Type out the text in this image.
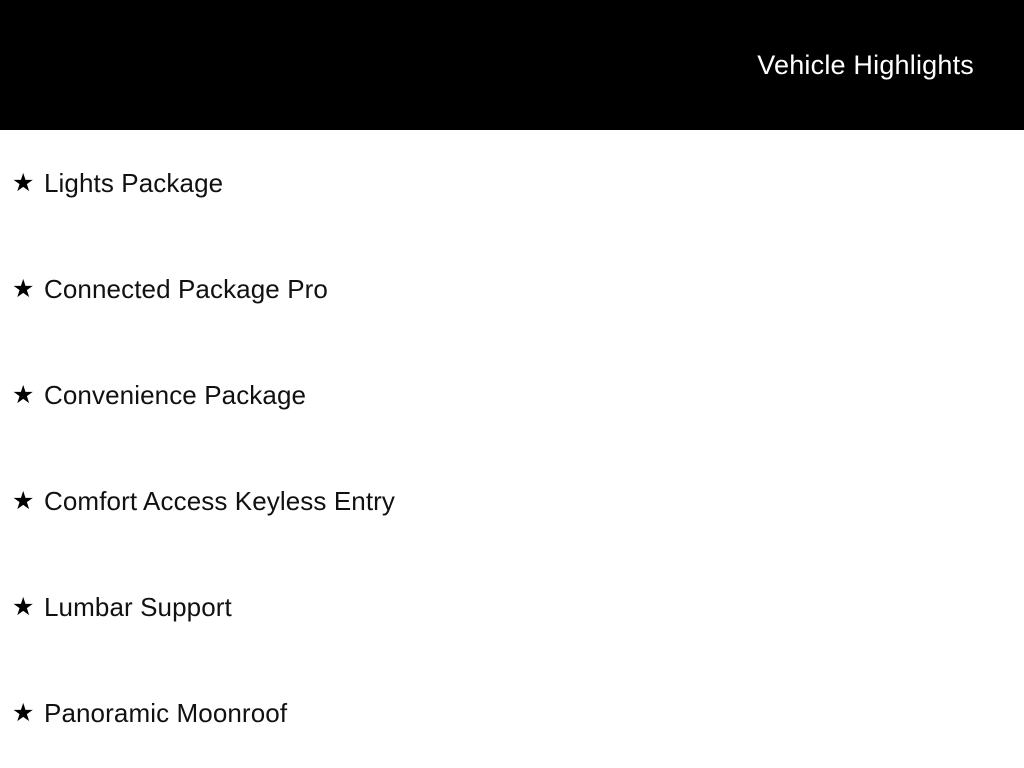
Vehicle Highlights
★ Lights Package
★ Connected Package Pro
★ Convenience Package
★ Comfort Access Keyless Entry
★ Lumbar Support
★ Panoramic Moonroof
